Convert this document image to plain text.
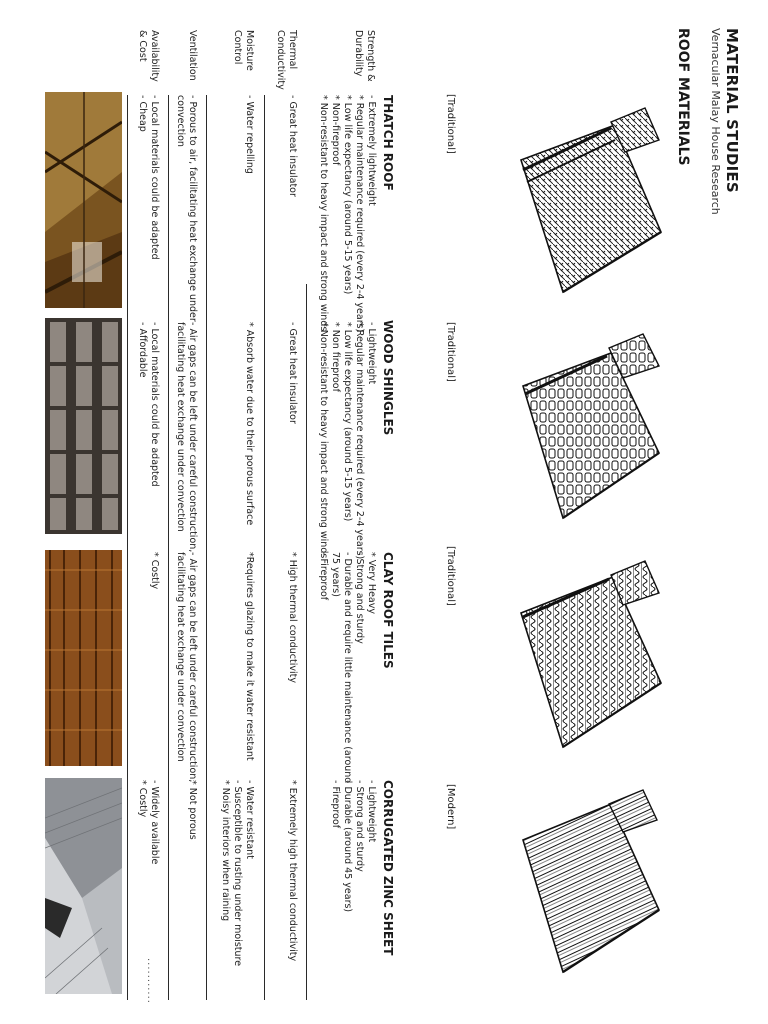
MATERIAL STUDIES
Vernacular Malay House Research
ROOF MATERIALS
[Traditional]
[Traditional]
[Traditional]
[Modern]
THATCH ROOF
WOOD SHINGLES
CLAY ROOF TILES
CORRUGATED ZINC SHEET
Strength &
Durability
Thermal
Conductivity
Moisture
Control
Ventilation
Availability
& Cost
- Extremely lightweight
* Regular maintenance required (every 2-4 years)
* Low life expectancy (around 5-15 years)
* Non-fireproof
* Non-resistant to heavy impact and strong winds
- Great heat insulator
- Water repelling
- Porous to air, facilitating heat exchange under
convection
- Local materials could be adapted
- Cheap
- Lightweight
* Regular maintenance required (every 2-4 years)
* Low life expectancy (around 5-15 years)
* Non fireproof
* Non-resistant to heavy impact and strong winds
- Great heat insulator
* Absorb water due to their porous surface
- Air gaps can be left under careful construction,
facilitating heat exchange under convection
- Local materials could be adapted
- Affordable
* Very Heavy
- Strong and sturdy
- Durable and require little maintenance (around
75 years)
- Fireproof
* High thermal conductivity
*Requires glazing to make it water resistant
- Air gaps can be left under careful construction,
facilitating heat exchange under convection
* Costly
- Lightweight
- Strong and sturdy
- Durable (around 45 years)
- Fireproof
* Extremely high thermal conductivity
- Water resistant
- Susceptible to rusting under moisture
* Noisy interiors when raining
* Not porous
- Widely available
* Costly
...........
